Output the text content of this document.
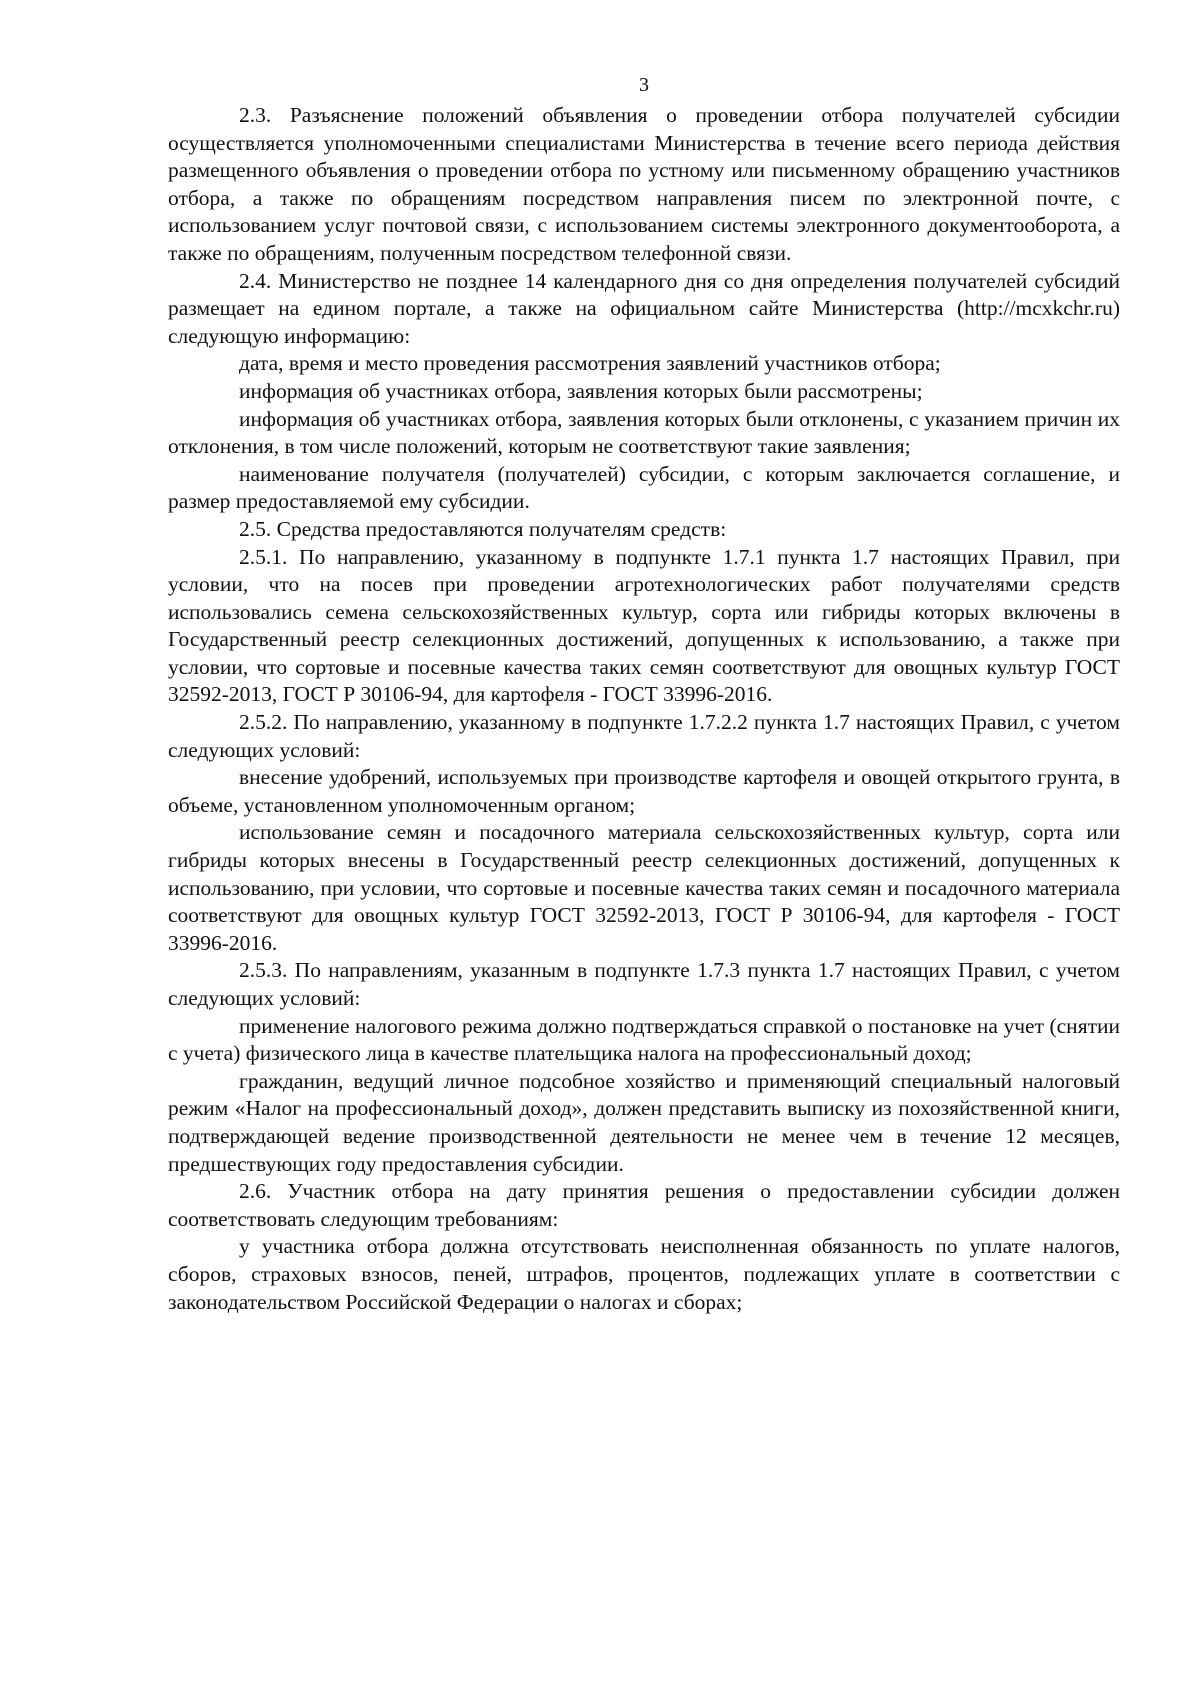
3

2.3. Разъяснение положений объявления о проведении отбора получателей субсидии осуществляется уполномоченными специалистами Министерства в течение всего периода действия размещенного объявления о проведении отбора по устному или письменному обращению участников отбора, а также по обращениям посредством направления писем по электронной почте, с использованием услуг почтовой связи, с использованием системы электронного документооборота, а также по обращениям, полученным посредством телефонной связи.

2.4. Министерство не позднее 14 календарного дня со дня определения получателей субсидий размещает на едином портале, а также на официальном сайте Министерства (http://mcxkchr.ru) следующую информацию:

дата, время и место проведения рассмотрения заявлений участников отбора;

информация об участниках отбора, заявления которых были рассмотрены;

информация об участниках отбора, заявления которых были отклонены, с указанием причин их отклонения, в том числе положений, которым не соответствуют такие заявления;

наименование получателя (получателей) субсидии, с которым заключается соглашение, и размер предоставляемой ему субсидии.

2.5. Средства предоставляются получателям средств:

2.5.1. По направлению, указанному в подпункте 1.7.1 пункта 1.7 настоящих Правил, при условии, что на посев при проведении агротехнологических работ получателями средств использовались семена сельскохозяйственных культур, сорта или гибриды которых включены в Государственный реестр селекционных достижений, допущенных к использованию, а также при условии, что сортовые и посевные качества таких семян соответствуют для овощных культур ГОСТ 32592-2013, ГОСТ Р 30106-94, для картофеля - ГОСТ 33996-2016.

2.5.2. По направлению, указанному в подпункте 1.7.2.2 пункта 1.7 настоящих Правил, с учетом следующих условий:

внесение удобрений, используемых при производстве картофеля и овощей открытого грунта, в объеме, установленном уполномоченным органом;

использование семян и посадочного материала сельскохозяйственных культур, сорта или гибриды которых внесены в Государственный реестр селекционных достижений, допущенных к использованию, при условии, что сортовые и посевные качества таких семян и посадочного материала соответствуют для овощных культур ГОСТ 32592-2013, ГОСТ Р 30106-94, для картофеля - ГОСТ 33996-2016.

2.5.3. По направлениям, указанным в подпункте 1.7.3 пункта 1.7 настоящих Правил, с учетом следующих условий:

применение налогового режима должно подтверждаться справкой о постановке на учет (снятии с учета) физического лица в качестве плательщика налога на профессиональный доход;

гражданин, ведущий личное подсобное хозяйство и применяющий специальный налоговый режим «Налог на профессиональный доход», должен представить выписку из похозяйственной книги, подтверждающей ведение производственной деятельности не менее чем в течение 12 месяцев, предшествующих году предоставления субсидии.

2.6. Участник отбора на дату принятия решения о предоставлении субсидии должен соответствовать следующим требованиям:

у участника отбора должна отсутствовать неисполненная обязанность по уплате налогов, сборов, страховых взносов, пеней, штрафов, процентов, подлежащих уплате в соответствии с законодательством Российской Федерации о налогах и сборах;
